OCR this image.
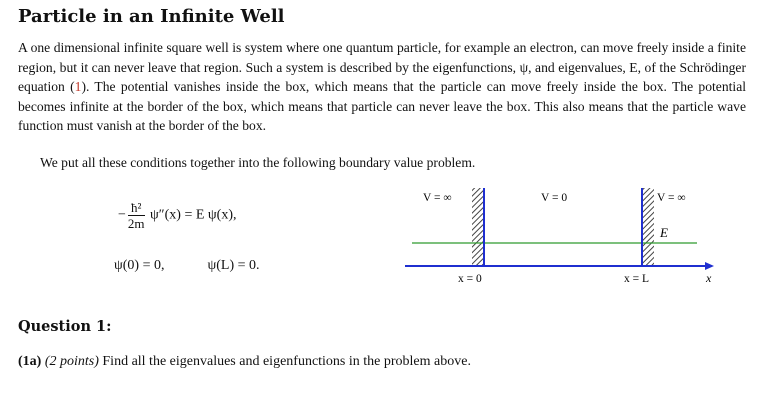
Particle in an Infinite Well
A one dimensional infinite square well is system where one quantum particle, for example an electron, can move freely inside a finite region, but it can never leave that region. Such a system is described by the eigenfunctions, ψ, and eigenvalues, E, of the Schrödinger equation (1). The potential vanishes inside the box, which means that the particle can move freely inside the box. The potential becomes infinite at the border of the box, which means that particle can never leave the box. This also means that the particle wave function must vanish at the border of the box.
We put all these conditions together into the following boundary value problem.
− $\frac{\text{ħ²}}{2m} \psi''(x) = E$ ψ(x),
ψ(0) = 0,	ψ(L) = 0.
V = ∞	V = 0	V = ∞
E
x = 0	x = L	x
Question 1:
(1a) (2 points) Find all the eigenvalues and eigenfunctions in the problem above.
